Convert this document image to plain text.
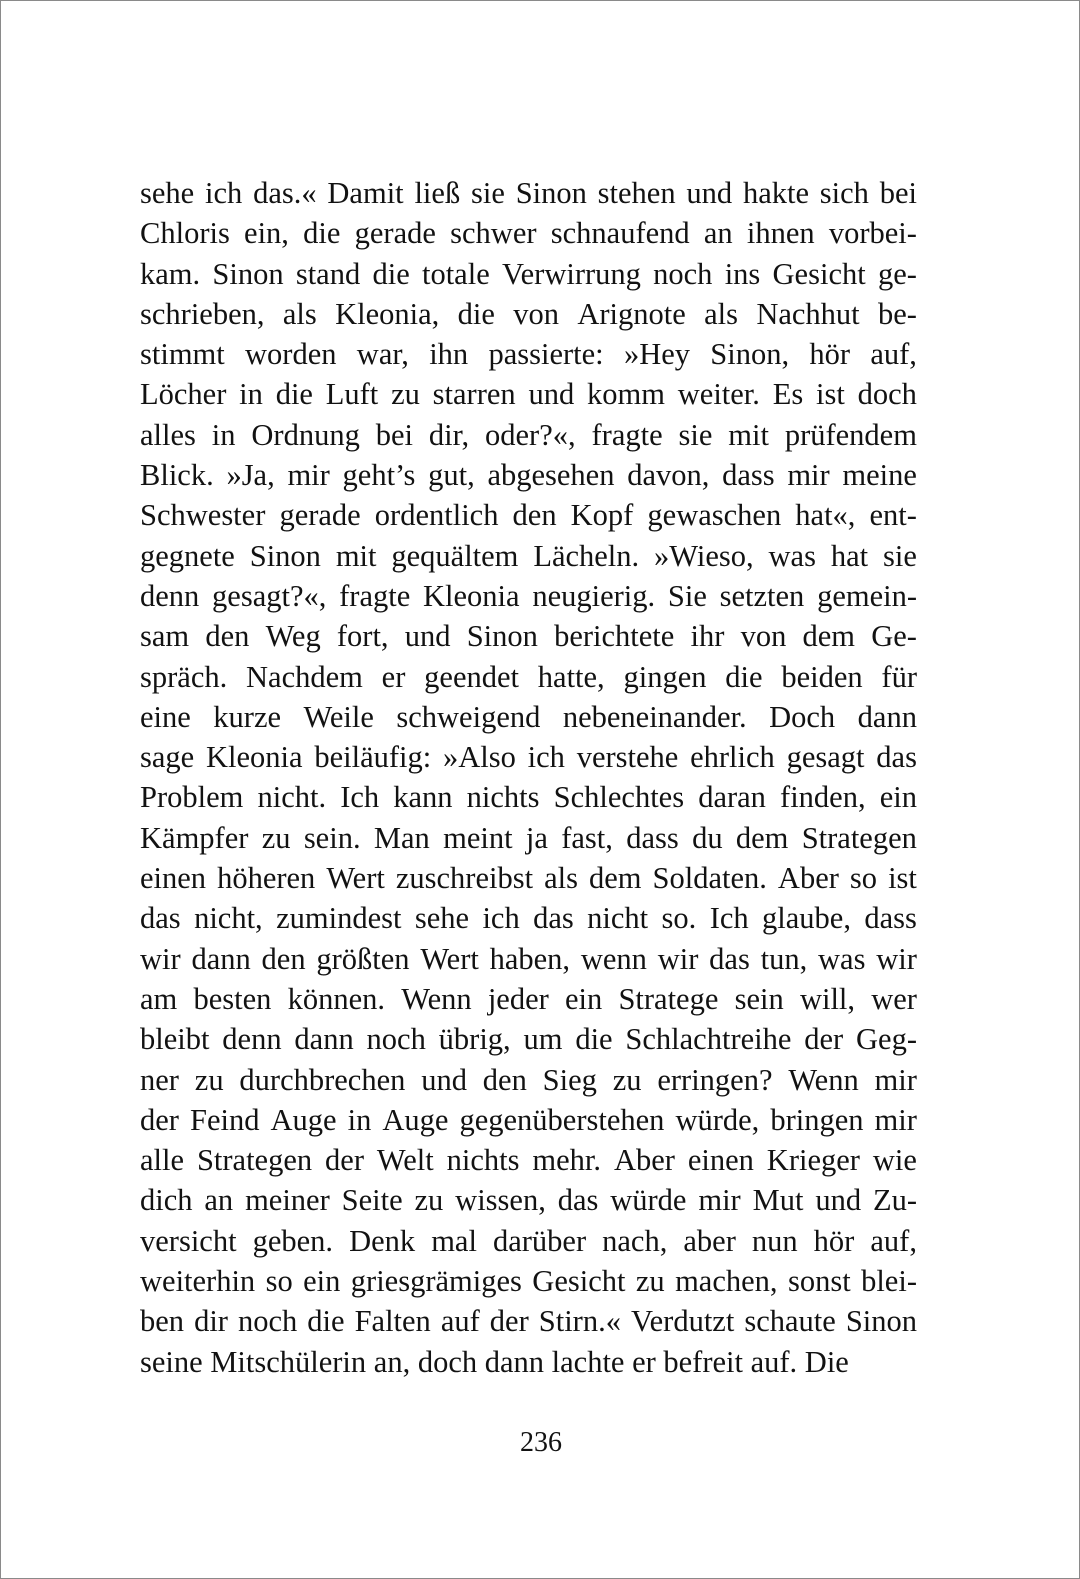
sehe ich das.« Damit ließ sie Sinon stehen und hakte sich bei
Chloris ein, die gerade schwer schnaufend an ihnen vorbei-
kam. Sinon stand die totale Verwirrung noch ins Gesicht ge-
schrieben, als Kleonia, die von Arignote als Nachhut be-
stimmt worden war, ihn passierte: »Hey Sinon, hör auf,
Löcher in die Luft zu starren und komm weiter. Es ist doch
alles in Ordnung bei dir, oder?«, fragte sie mit prüfendem
Blick. »Ja, mir geht’s gut, abgesehen davon, dass mir meine
Schwester gerade ordentlich den Kopf gewaschen hat«, ent-
gegnete Sinon mit gequältem Lächeln. »Wieso, was hat sie
denn gesagt?«, fragte Kleonia neugierig. Sie setzten gemein-
sam den Weg fort, und Sinon berichtete ihr von dem Ge-
spräch. Nachdem er geendet hatte, gingen die beiden für
eine kurze Weile schweigend nebeneinander. Doch dann
sage Kleonia beiläufig: »Also ich verstehe ehrlich gesagt das
Problem nicht. Ich kann nichts Schlechtes daran finden, ein
Kämpfer zu sein. Man meint ja fast, dass du dem Strategen
einen höheren Wert zuschreibst als dem Soldaten. Aber so ist
das nicht, zumindest sehe ich das nicht so. Ich glaube, dass
wir dann den größten Wert haben, wenn wir das tun, was wir
am besten können. Wenn jeder ein Stratege sein will, wer
bleibt denn dann noch übrig, um die Schlachtreihe der Geg-
ner zu durchbrechen und den Sieg zu erringen? Wenn mir
der Feind Auge in Auge gegenüberstehen würde, bringen mir
alle Strategen der Welt nichts mehr. Aber einen Krieger wie
dich an meiner Seite zu wissen, das würde mir Mut und Zu-
versicht geben. Denk mal darüber nach, aber nun hör auf,
weiterhin so ein griesgrämiges Gesicht zu machen, sonst blei-
ben dir noch die Falten auf der Stirn.« Verdutzt schaute Sinon
seine Mitschülerin an, doch dann lachte er befreit auf. Die
236
